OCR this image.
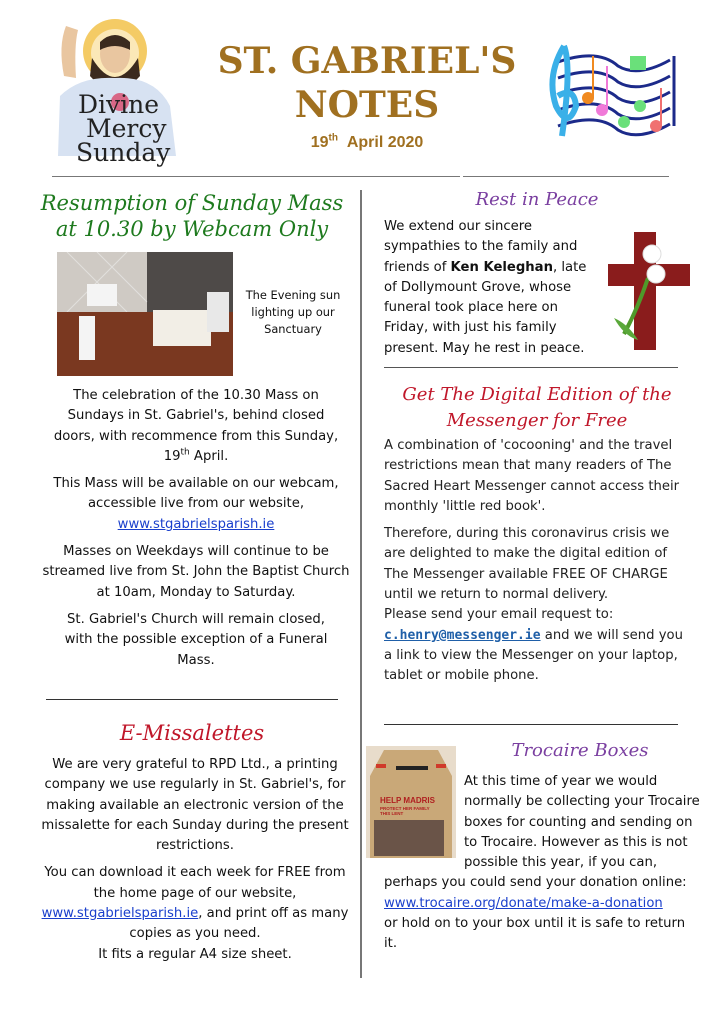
Divine
Mercy
Sunday
ST. GABRIEL'S
NOTES
19th April 2020
Resumption of Sunday Mass
at 10.30 by Webcam Only
The Evening sun
lighting up our
Sanctuary

The celebration of the 10.30 Mass on Sundays in St. Gabriel's, behind closed doors, with recommence from this Sunday, 19th April.

This Mass will be available on our webcam, accessible live from our website,
www.stgabrielsparish.ie

Masses on Weekdays will continue to be streamed live from St. John the Baptist Church at 10am, Monday to Saturday.

St. Gabriel's Church will remain closed, with the possible exception of a Funeral Mass.

E-Missalettes

We are very grateful to RPD Ltd., a printing company we use regularly in St. Gabriel's, for making available an electronic version of the missalette for each Sunday during the present restrictions.

You can download it each week for FREE from the home page of our website, www.stgabrielsparish.ie, and print off as many copies as you need.
It fits a regular A4 size sheet.

Rest in Peace
We extend our sincere sympathies to the family and friends of Ken Keleghan, late of Dollymount Grove, whose funeral took place here on Friday, with just his family present. May he rest in peace.
Get The Digital Edition of the
Messenger for Free

A combination of 'cocooning' and the travel restrictions mean that many readers of The Sacred Heart Messenger cannot access their monthly 'little red book'.

Therefore, during this coronavirus crisis we are delighted to make the digital edition of The Messenger available FREE OF CHARGE until we return to normal delivery.
Please send your email request to: c.henry@messenger.ie and we will send you a link to view the Messenger on your laptop, tablet or mobile phone.
HELP MADRIS
PROTECT HER FAMILY THIS LENT
Trocaire Boxes
At this time of year we would normally be collecting your Trocaire boxes for counting and sending on to Trocaire. However as this is not possible this year, if you can, perhaps you could send your donation online:
www.trocaire.org/donate/make-a-donation
or hold on to your box until it is safe to return it.
